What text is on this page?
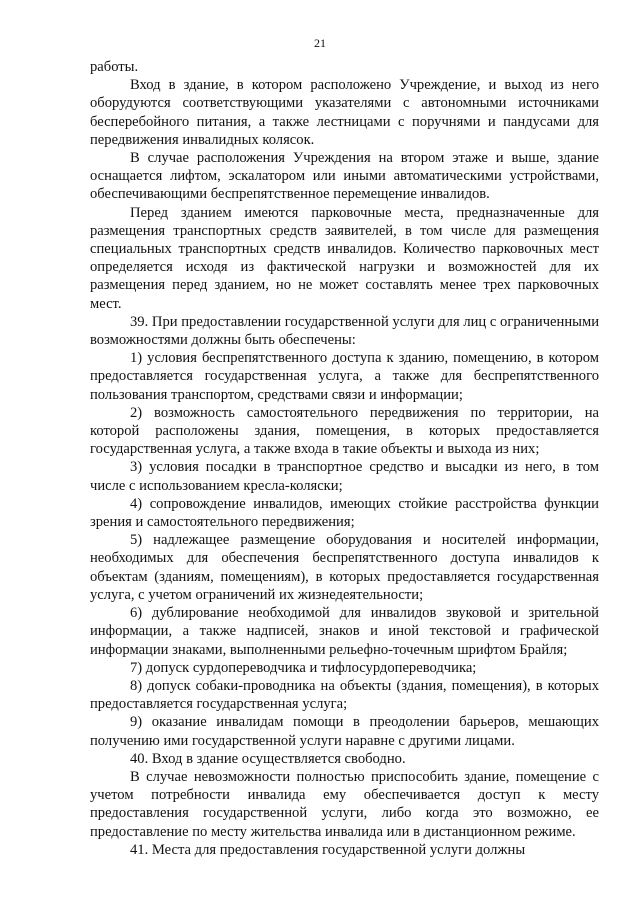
21

работы.

Вход в здание, в котором расположено Учреждение, и выход из него оборудуются соответствующими указателями с автономными источниками бесперебойного питания, а также лестницами с поручнями и пандусами для передвижения инвалидных колясок.

В случае расположения Учреждения на втором этаже и выше, здание оснащается лифтом, эскалатором или иными автоматическими устройствами, обеспечивающими беспрепятственное перемещение инвалидов.

Перед зданием имеются парковочные места, предназначенные для размещения транспортных средств заявителей, в том числе для размещения специальных транспортных средств инвалидов. Количество парковочных мест определяется исходя из фактической нагрузки и возможностей для их размещения перед зданием, но не может составлять менее трех парковочных мест.

39. При предоставлении государственной услуги для лиц с ограниченными возможностями должны быть обеспечены:

1) условия беспрепятственного доступа к зданию, помещению, в котором предоставляется государственная услуга, а также для беспрепятственного пользования транспортом, средствами связи и информации;

2) возможность самостоятельного передвижения по территории, на которой расположены здания, помещения, в которых предоставляется государственная услуга, а также входа в такие объекты и выхода из них;

3) условия посадки в транспортное средство и высадки из него, в том числе с использованием кресла-коляски;

4) сопровождение инвалидов, имеющих стойкие расстройства функции зрения и самостоятельного передвижения;

5) надлежащее размещение оборудования и носителей информации, необходимых для обеспечения беспрепятственного доступа инвалидов к объектам (зданиям, помещениям), в которых предоставляется государственная услуга, с учетом ограничений их жизнедеятельности;

6) дублирование необходимой для инвалидов звуковой и зрительной информации, а также надписей, знаков и иной текстовой и графической информации знаками, выполненными рельефно-точечным шрифтом Брайля;

7) допуск сурдопереводчика и тифлосурдопереводчика;

8) допуск собаки-проводника на объекты (здания, помещения), в которых предоставляется государственная услуга;

9) оказание инвалидам помощи в преодолении барьеров, мешающих получению ими государственной услуги наравне с другими лицами.

40. Вход в здание осуществляется свободно.

В случае невозможности полностью приспособить здание, помещение с учетом потребности инвалида ему обеспечивается доступ к месту предоставления государственной услуги, либо когда это возможно, ее предоставление по месту жительства инвалида или в дистанционном режиме.

41. Места для предоставления государственной услуги должны
